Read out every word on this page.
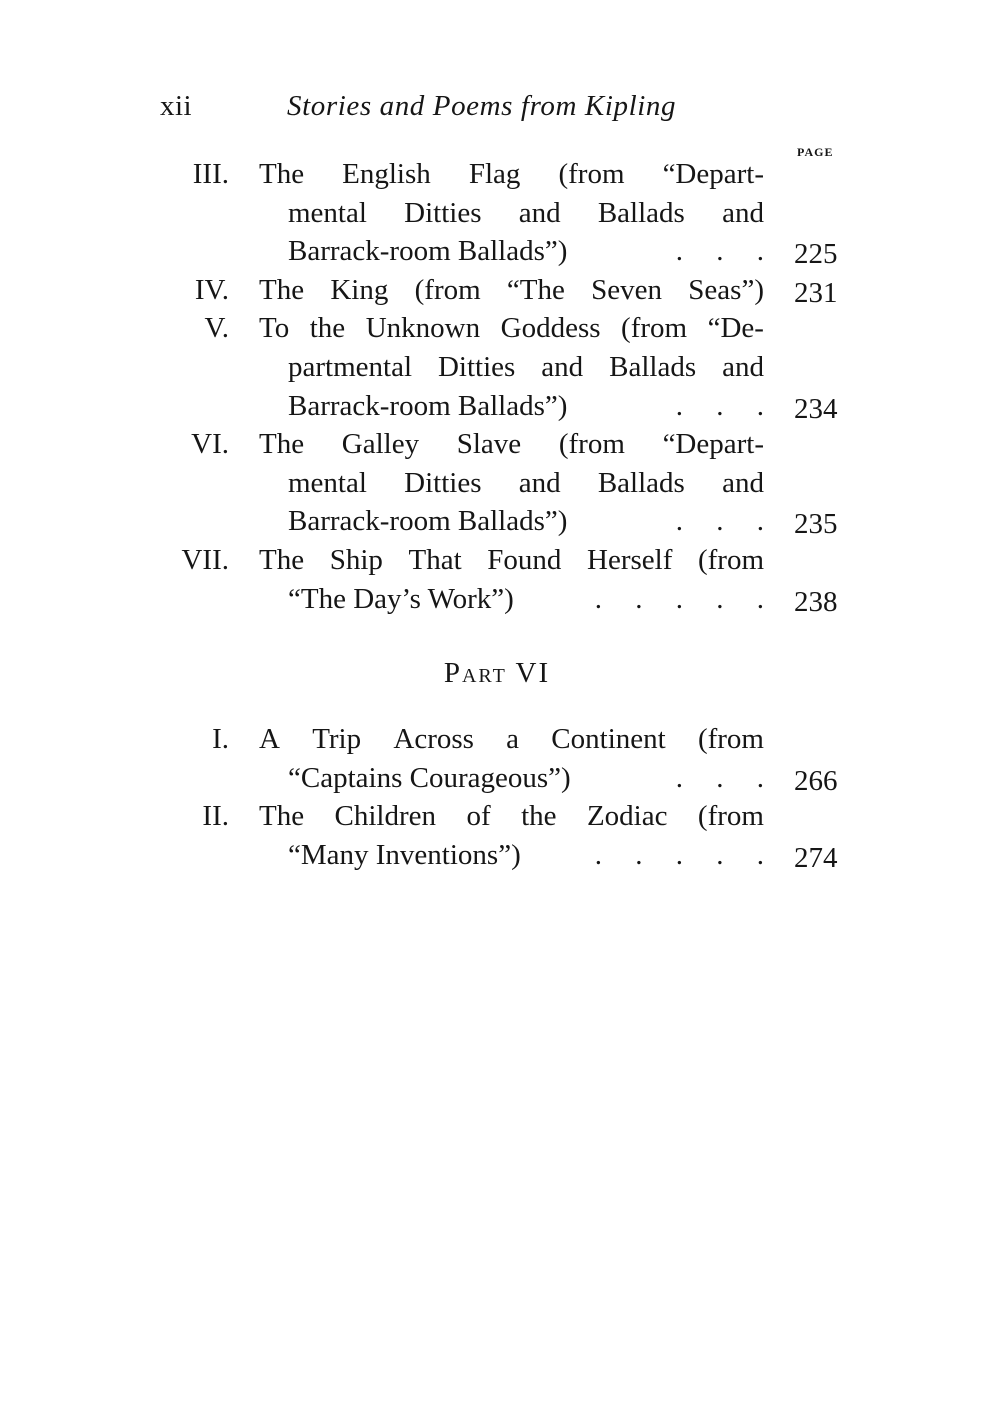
xii	Stories and Poems from Kipling
PAGE
III. The English Flag (from “Depart-
mental Ditties and Ballads and
Barrack-room Ballads”)	. . . 225
IV. The King (from “The Seven Seas”) 231
V. To the Unknown Goddess (from “De-
partmental Ditties and Ballads and
Barrack-room Ballads”)	. . . 234
VI. The Galley Slave (from “Depart-
mental Ditties and Ballads and
Barrack-room Ballads”)	. . . 235
VII. The Ship That Found Herself (from
“The Day’s Work”)	. . . . . 238
Part VI
I. A Trip Across a Continent (from
“Captains Courageous”)	. . . 266
II. The Children of the Zodiac (from
“Many Inventions”)	. . . . . 274
